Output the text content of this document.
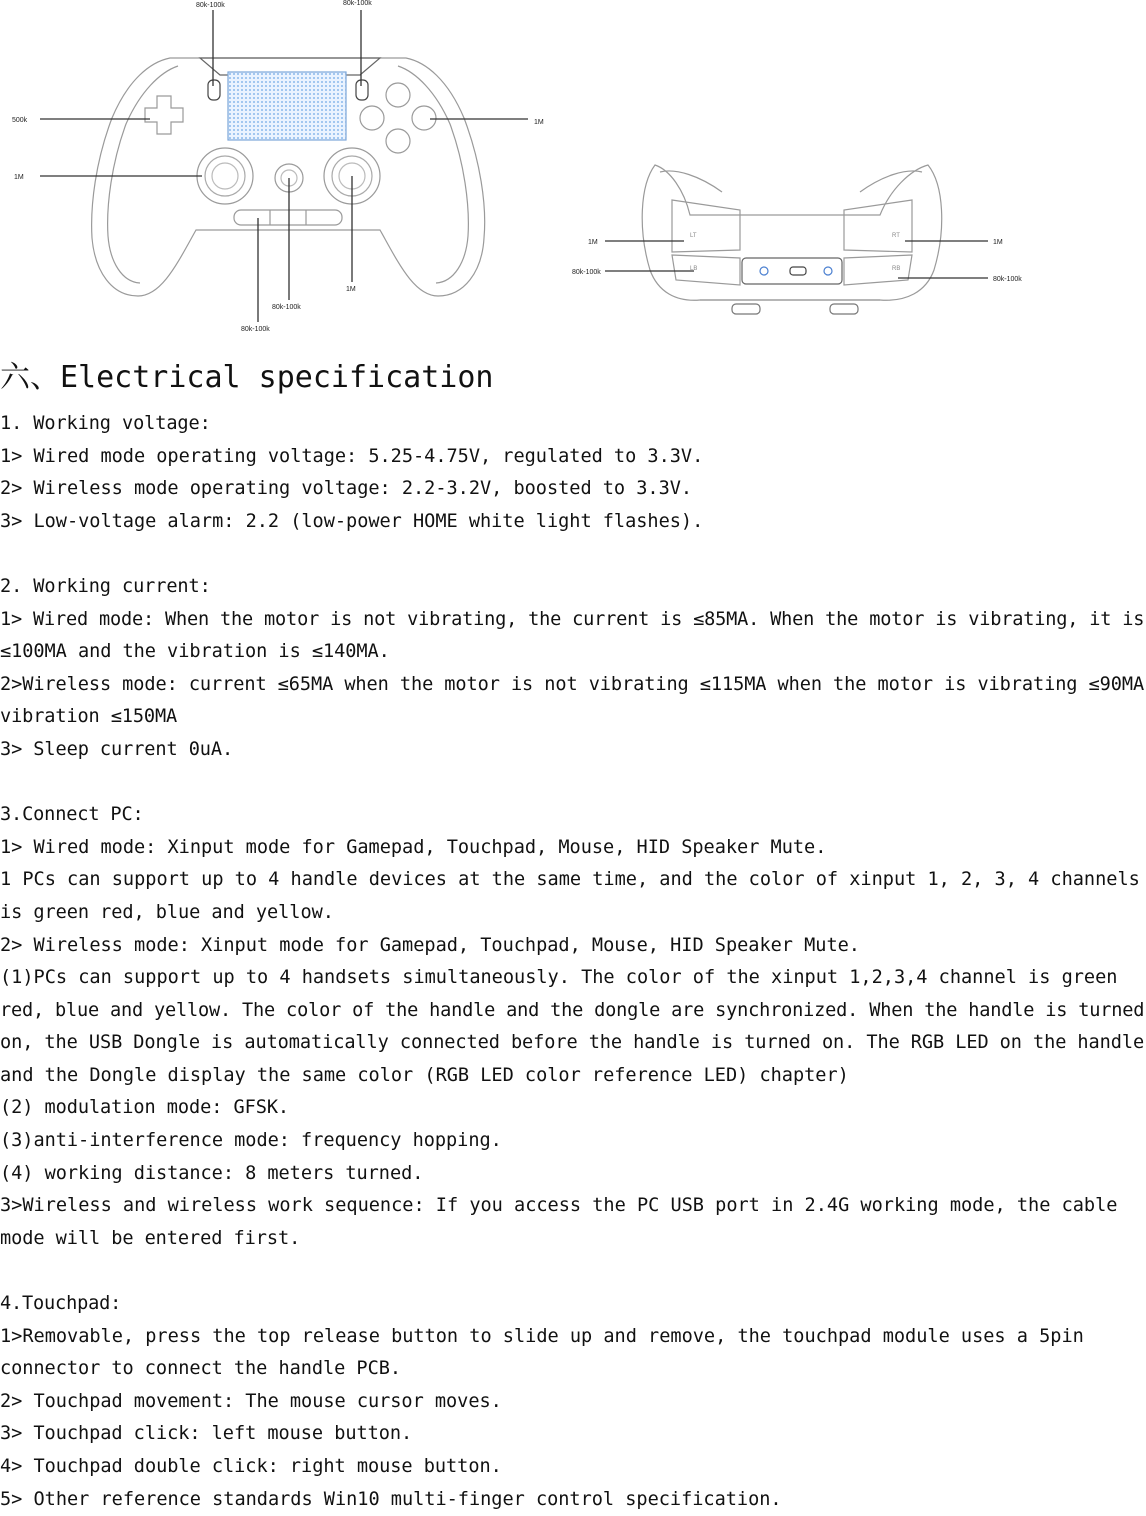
80k-100k	80k-100k
500k	1M
1M
1M
80k-100k
80k-100k
LT
LB
RT
RB
1M
80k-100k
1M
80k-100k
六、Electrical specification
1. Working voltage:
1> Wired mode operating voltage: 5.25-4.75V, regulated to 3.3V.
2> Wireless mode operating voltage: 2.2-3.2V, boosted to 3.3V.
3> Low-voltage alarm: 2.2 (low-power HOME white light flashes).
2. Working current:
1> Wired mode: When the motor is not vibrating, the current is ≤85MA. When the motor is vibrating, it is
≤100MA and the vibration is ≤140MA.
2>Wireless mode: current ≤65MA when the motor is not vibrating ≤115MA when the motor is vibrating ≤90MA
vibration ≤150MA
3> Sleep current 0uA.
3.Connect PC:
1> Wired mode: Xinput mode for Gamepad, Touchpad, Mouse, HID Speaker Mute.
1 PCs can support up to 4 handle devices at the same time, and the color of xinput 1, 2, 3, 4 channels
is green red, blue and yellow.
2> Wireless mode: Xinput mode for Gamepad, Touchpad, Mouse, HID Speaker Mute.
(1)PCs can support up to 4 handsets simultaneously. The color of the xinput 1,2,3,4 channel is green
red, blue and yellow. The color of the handle and the dongle are synchronized. When the handle is turned
on, the USB Dongle is automatically connected before the handle is turned on. The RGB LED on the handle
and the Dongle display the same color (RGB LED color reference LED) chapter)
(2) modulation mode: GFSK.
(3)anti-interference mode: frequency hopping.
(4) working distance: 8 meters turned.
3>Wireless and wireless work sequence: If you access the PC USB port in 2.4G working mode, the cable
mode will be entered first.
4.Touchpad:
1>Removable, press the top release button to slide up and remove, the touchpad module uses a 5pin
connector to connect the handle PCB.
2> Touchpad movement: The mouse cursor moves.
3> Touchpad click: left mouse button.
4> Touchpad double click: right mouse button.
5> Other reference standards Win10 multi-finger control specification.
